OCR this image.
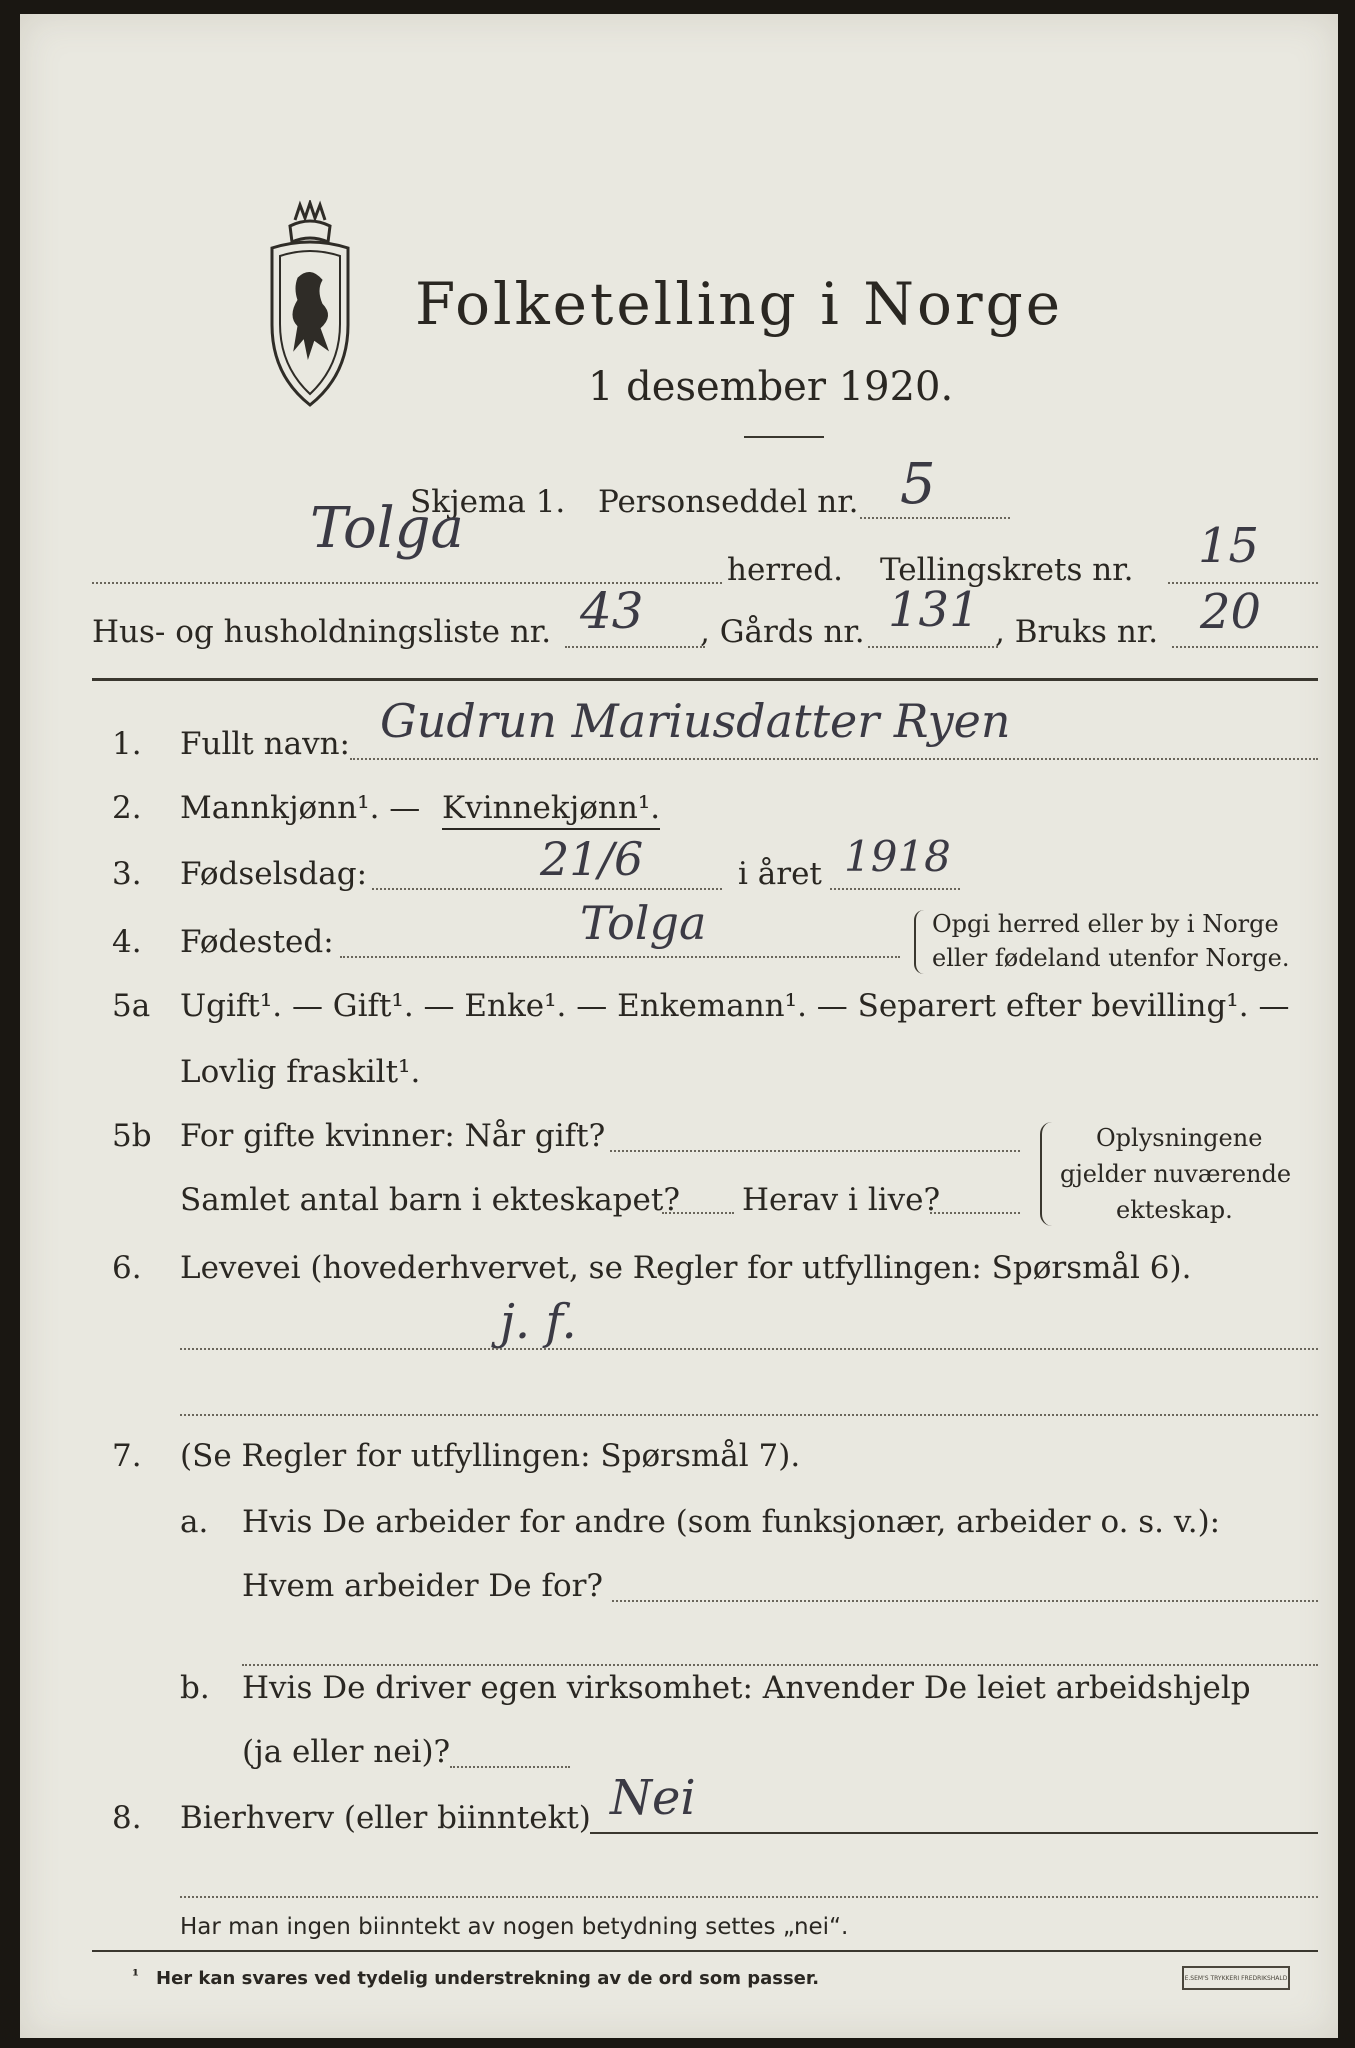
Folketelling i Norge
1 desember 1920.
Skjema 1. Personseddel nr. 5
Tolga
herred. Tellingskrets nr. 15
Hus- og husholdningsliste nr. 43 , Gårds nr. 131 , Bruks nr. 20
1. Fullt navn: Gudrun Mariusdatter Ryen
2. Mannkjønn¹. — Kvinnekjønn¹.
3. Fødselsdag:	21/6	i året 1918
4. Fødested:	Tolga	Opgi herred eller by i Norge
eller fødeland utenfor Norge.
5a Ugift¹. — Gift¹. — Enke¹. — Enkemann¹. — Separert efter bevilling¹. —
Lovlig fraskilt¹.
5b For gifte kvinner: Når gift?
Samlet antal barn i ekteskapet? Herav i live?
Oplysningene
gjelder nuværende
ekteskap.
6. Levevei (hovederhvervet, se Regler for utfyllingen: Spørsmål 6).
j. f.
7. (Se Regler for utfyllingen: Spørsmål 7).
a. Hvis De arbeider for andre (som funksjonær, arbeider o. s. v.):
Hvem arbeider De for?
b. Hvis De driver egen virksomhet: Anvender De leiet arbeidshjelp
(ja eller nei)?
8. Bierhverv (eller biinntekt) Nei
Har man ingen biinntekt av nogen betydning settes „nei“.
¹ Her kan svares ved tydelig understrekning av de ord som passer.	E.SEM'S TRYKKERI FREDRIKSHALD
